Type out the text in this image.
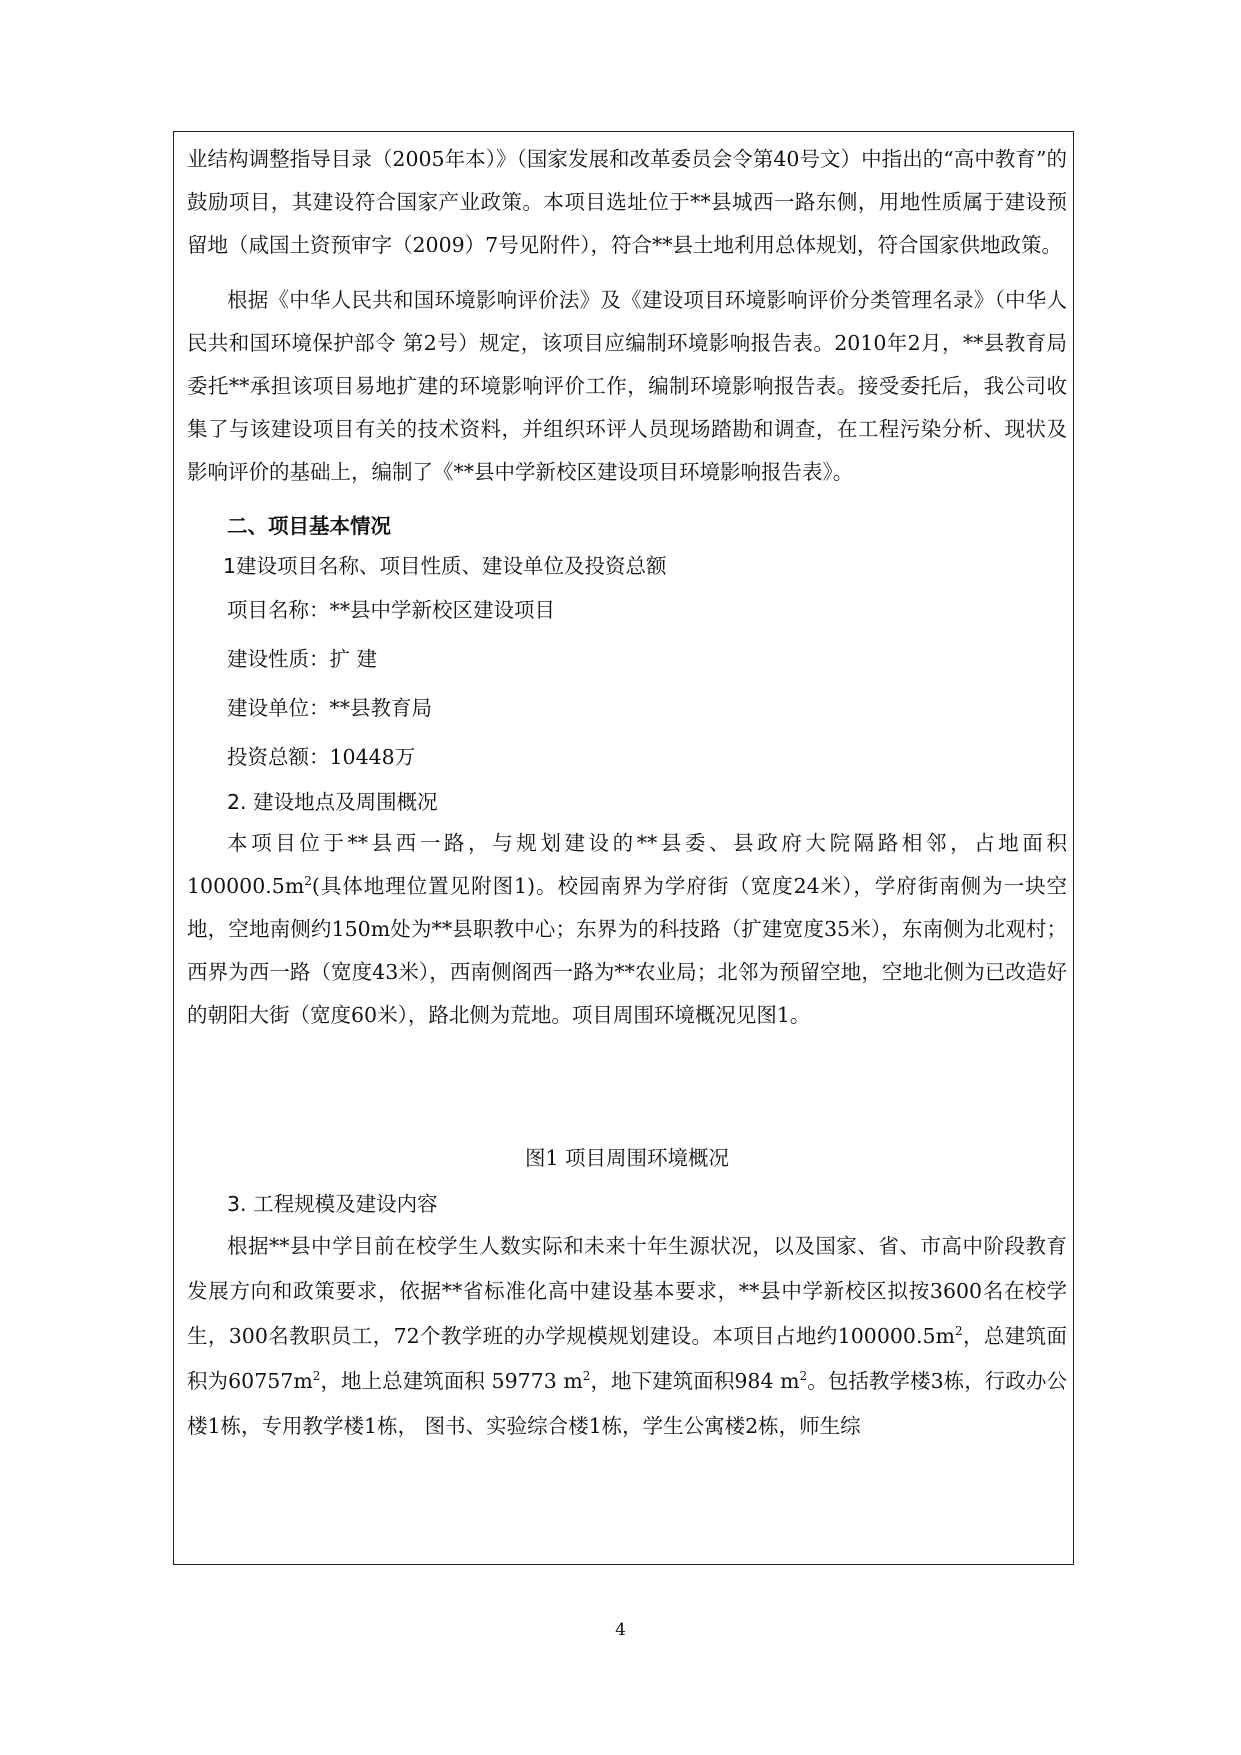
业结构调整指导目录（2005年本）》（国家发展和改革委员会令第40号文）中指出的“高中教育”的鼓励项目，其建设符合国家产业政策。本项目选址位于**县城西一路东侧，用地性质属于建设预留地（咸国土资预审字（2009）7号见附件），符合**县土地利用总体规划，符合国家供地政策。

根据《中华人民共和国环境影响评价法》及《建设项目环境影响评价分类管理名录》（中华人民共和国环境保护部令 第2号）规定，该项目应编制环境影响报告表。2010年2月，**县教育局委托**承担该项目易地扩建的环境影响评价工作，编制环境影响报告表。接受委托后，我公司收集了与该建设项目有关的技术资料，并组织环评人员现场踏勘和调查，在工程污染分析、现状及影响评价的基础上，编制了《**县中学新校区建设项目环境影响报告表》。

二、项目基本情况

1建设项目名称、项目性质、建设单位及投资总额

项目名称：**县中学新校区建设项目

建设性质：扩 建

建设单位：**县教育局

投资总额：10448万

2. 建设地点及周围概况

本项目位于**县西一路，与规划建设的**县委、县政府大院隔路相邻，占地面积$100000.5m^2$(具体地理位置见附图1)。校园南界为学府街（宽度24米），学府街南侧为一块空地，空地南侧约150m处为**县职教中心；东界为的科技路（扩建宽度35米），东南侧为北观村；西界为西一路（宽度43米），西南侧阁西一路为**农业局；北邻为预留空地，空地北侧为已改造好的朝阳大街（宽度60米），路北侧为荒地。项目周围环境概况见图1。

图1 项目周围环境概况

3. 工程规模及建设内容

根据**县中学目前在校学生人数实际和未来十年生源状况，以及国家、省、市高中阶段教育发展方向和政策要求，依据**省标准化高中建设基本要求，**县中学新校区拟按3600名在校学生，300名教职员工，72个教学班的办学规模规划建设。本项目占地约$100000.5m^2$，总建筑面积为$60757m^2$，地上总建筑面积 59773 $m^2$，地下建筑面积984 $m^2$。包括教学楼3栋，行政办公楼1栋，专用教学楼1栋， 图书、实验综合楼1栋，学生公寓楼2栋，师生综

4
